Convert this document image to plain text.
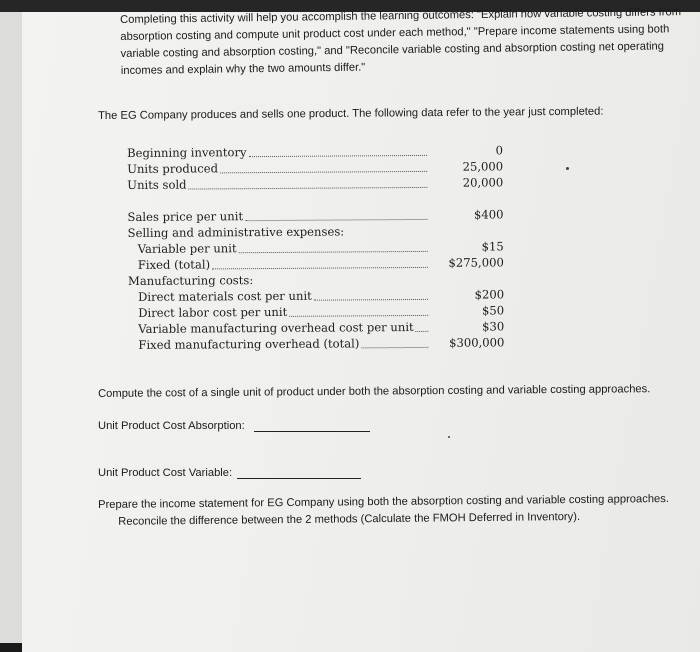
Completing this activity will help you accomplish the learning outcomes: "Explain how variable costing differs from
absorption costing and compute unit product cost under each method," "Prepare income statements using both
variable costing and absorption costing," and "Reconcile variable costing and absorption costing net operating
incomes and explain why the two amounts differ."
The EG Company produces and sells one product. The following data refer to the year just completed:
Beginning inventory	0
Units produced	25,000
Units sold	20,000
Sales price per unit	$400
Selling and administrative expenses:
Variable per unit	$15
Fixed (total)	$275,000
Manufacturing costs:
Direct materials cost per unit	$200
Direct labor cost per unit	$50
Variable manufacturing overhead cost per unit	$30
Fixed manufacturing overhead (total)	$300,000
Compute the cost of a single unit of product under both the absorption costing and variable costing approaches.
Unit Product Cost Absorption:
Unit Product Cost Variable:
Prepare the income statement for EG Company using both the absorption costing and variable costing approaches.
Reconcile the difference between the 2 methods (Calculate the FMOH Deferred in Inventory).
